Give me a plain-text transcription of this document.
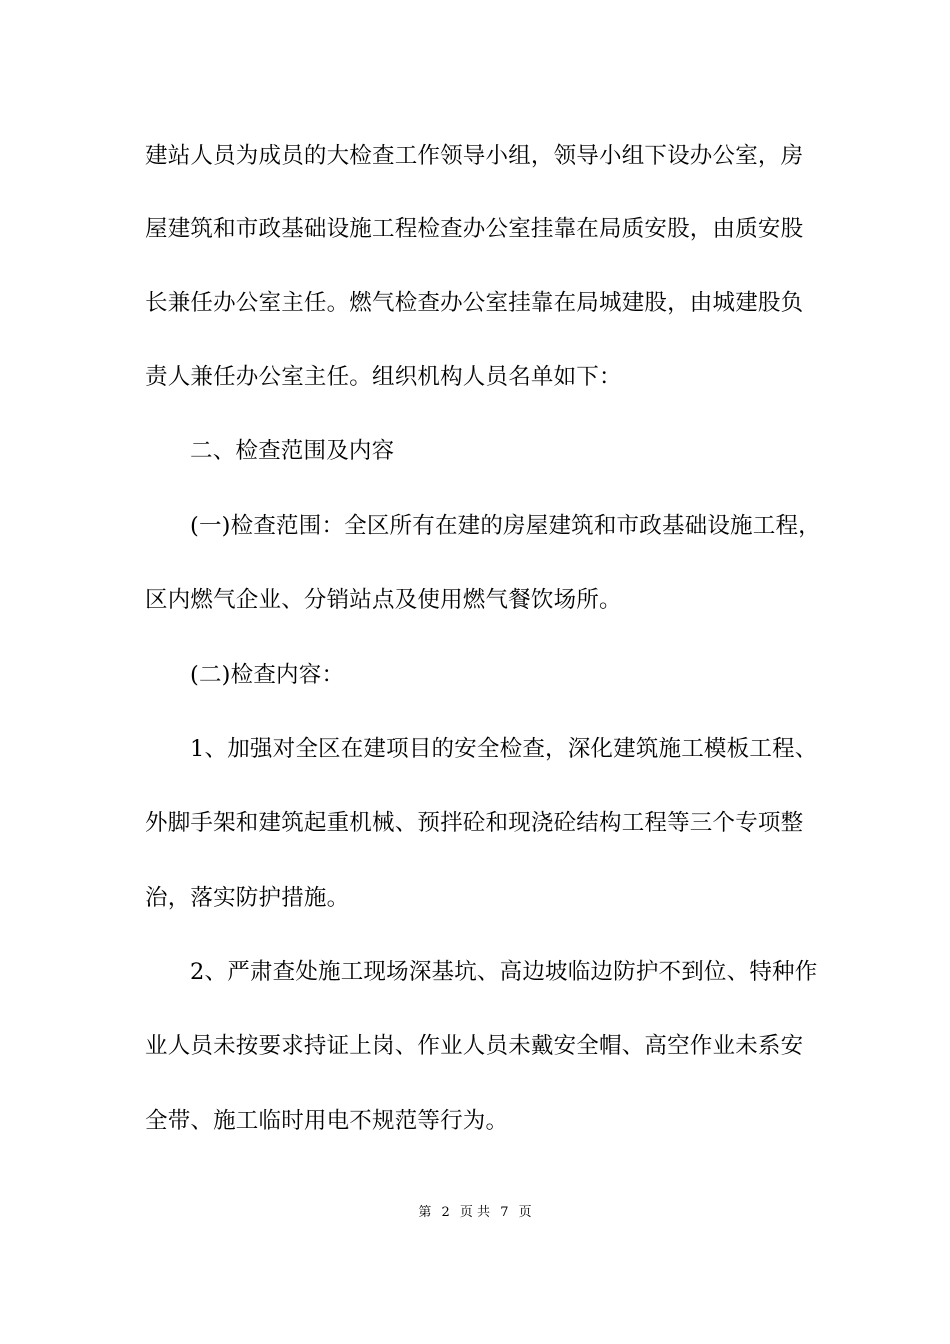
建站人员为成员的大检查工作领导小组，领导小组下设办公室，房
屋建筑和市政基础设施工程检查办公室挂靠在局质安股，由质安股
长兼任办公室主任。燃气检查办公室挂靠在局城建股，由城建股负
责人兼任办公室主任。组织机构人员名单如下：
二、检查范围及内容
(一)检查范围：全区所有在建的房屋建筑和市政基础设施工程，
区内燃气企业、分销站点及使用燃气餐饮场所。
(二)检查内容：
1、加强对全区在建项目的安全检查，深化建筑施工模板工程、
外脚手架和建筑起重机械、预拌砼和现浇砼结构工程等三个专项整
治，落实防护措施。
2、严肃查处施工现场深基坑、高边坡临边防护不到位、特种作
业人员未按要求持证上岗、作业人员未戴安全帽、高空作业未系安
全带、施工临时用电不规范等行为。
第 2 页 共 7 页
